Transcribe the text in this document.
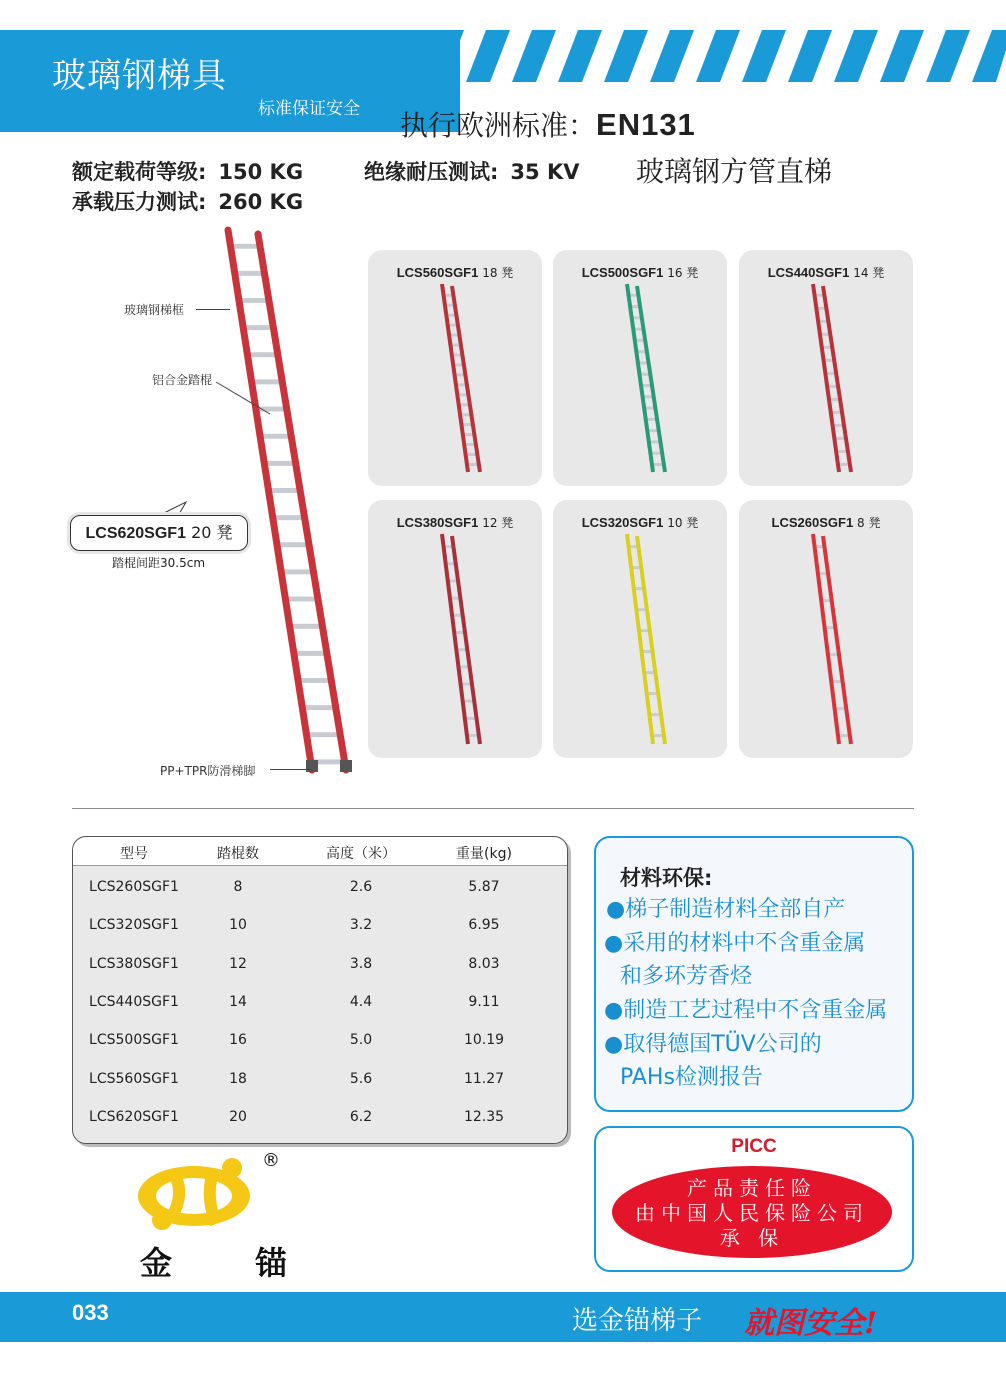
玻璃钢梯具
标准保证安全 执行欧洲标准：EN131
额定载荷等级: 150 KG	绝缘耐压测试: 35 KV
承载压力测试: 260 KG
玻璃钢方管直梯
玻璃钢梯框
铝合金踏棍
PP+TPR防滑梯脚
LCS620SGF1 20 凳
踏棍间距30.5cm
LCS560SGF1 18 凳	LCS500SGF1 16 凳	LCS440SGF1 14 凳
LCS380SGF1 12 凳	LCS320SGF1 10 凳	LCS260SGF1 8 凳
型号	踏棍数	高度（米）	重量(kg)
LCS260SGF1	8	2.6	5.87
LCS320SGF1	10	3.2	6.95
LCS380SGF1	12	3.8	8.03
LCS440SGF1	14	4.4	9.11
LCS500SGF1	16	5.0	10.19
LCS560SGF1	18	5.6	11.27
LCS620SGF1	20	6.2	12.35
材料环保:
●梯子制造材料全部自产
●采用的材料中不含重金属
和多环芳香烃
●制造工艺过程中不含重金属
●取得德国TÜV公司的
PAHs检测报告
PICC
产品责任险
由中国人民保险公司
承 保
®
金 锚
033	选金锚梯子 就图安全!
